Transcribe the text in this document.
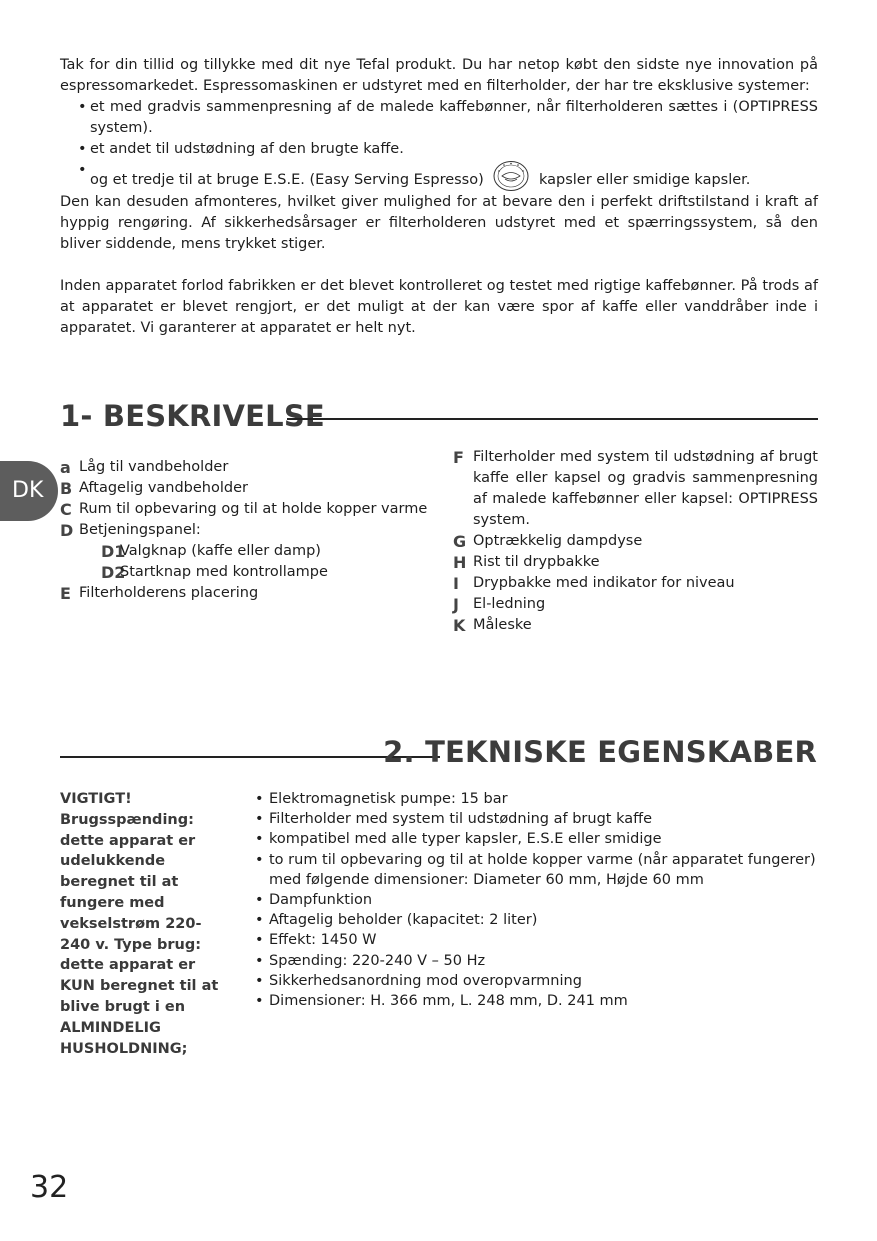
Tak for din tillid og tillykke med dit nye Tefal produkt. Du har netop købt den sidste nye innovation på espressomarkedet. Espressomaskinen er udstyret med en filterholder, der har tre eksklusive systemer:

• et med gradvis sammenpresning af de malede kaffebønner, når filterholderen sættes i (OPTIPRESS system).
• et andet til udstødning af den brugte kaffe.
• og et tredje til at bruge E.S.E. (Easy Serving Espresso)	kapsler eller smidige kapsler.

Den kan desuden afmonteres, hvilket giver mulighed for at bevare den i perfekt driftstilstand i kraft af hyppig rengøring. Af sikkerhedsårsager er filterholderen udstyret med et spærringssystem, så den bliver siddende, mens trykket stiger.

Inden apparatet forlod fabrikken er det blevet kontrolleret og testet med rigtige kaffebønner. På trods af at apparatet er blevet rengjort, er det muligt at der kan være spor af kaffe eller vanddråber inde i apparatet. Vi garanterer at apparatet er helt nyt.

DK
1- BESKRIVELSE
a Låg til vandbeholder
B Aftagelig vandbeholder
C Rum til opbevaring og til at holde kopper varme
D Betjeningspanel:
D1
Valgknap (kaffe eller damp)
D2
Startknap med kontrollampe
E Filterholderens placering
F Filterholder med system til udstødning af brugt kaffe eller kapsel og gradvis sammenpresning af malede kaffebønner eller kapsel: OPTIPRESS system.
G Optrækkelig dampdyse
H Rist til drypbakke
I Drypbakke med indikator for niveau
J El-ledning
K Måleske
2. TEKNISKE EGENSKABER
VIGTIGT! Brugsspænding: dette apparat er udelukkende beregnet til at fungere med vekselstrøm 220-240 v. Type brug: dette apparat er KUN beregnet til at blive brugt i en ALMINDELIG HUSHOLDNING;
• Elektromagnetisk pumpe: 15 bar
• Filterholder med system til udstødning af brugt kaffe
• kompatibel med alle typer kapsler, E.S.E eller smidige
• to rum til opbevaring og til at holde kopper varme (når apparatet fungerer) med følgende dimensioner: Diameter 60 mm, Højde 60 mm
• Dampfunktion
• Aftagelig beholder (kapacitet: 2 liter)
• Effekt: 1450 W
• Spænding: 220-240 V – 50 Hz
• Sikkerhedsanordning mod overopvarmning
• Dimensioner: H. 366 mm, L. 248 mm, D. 241 mm
32
